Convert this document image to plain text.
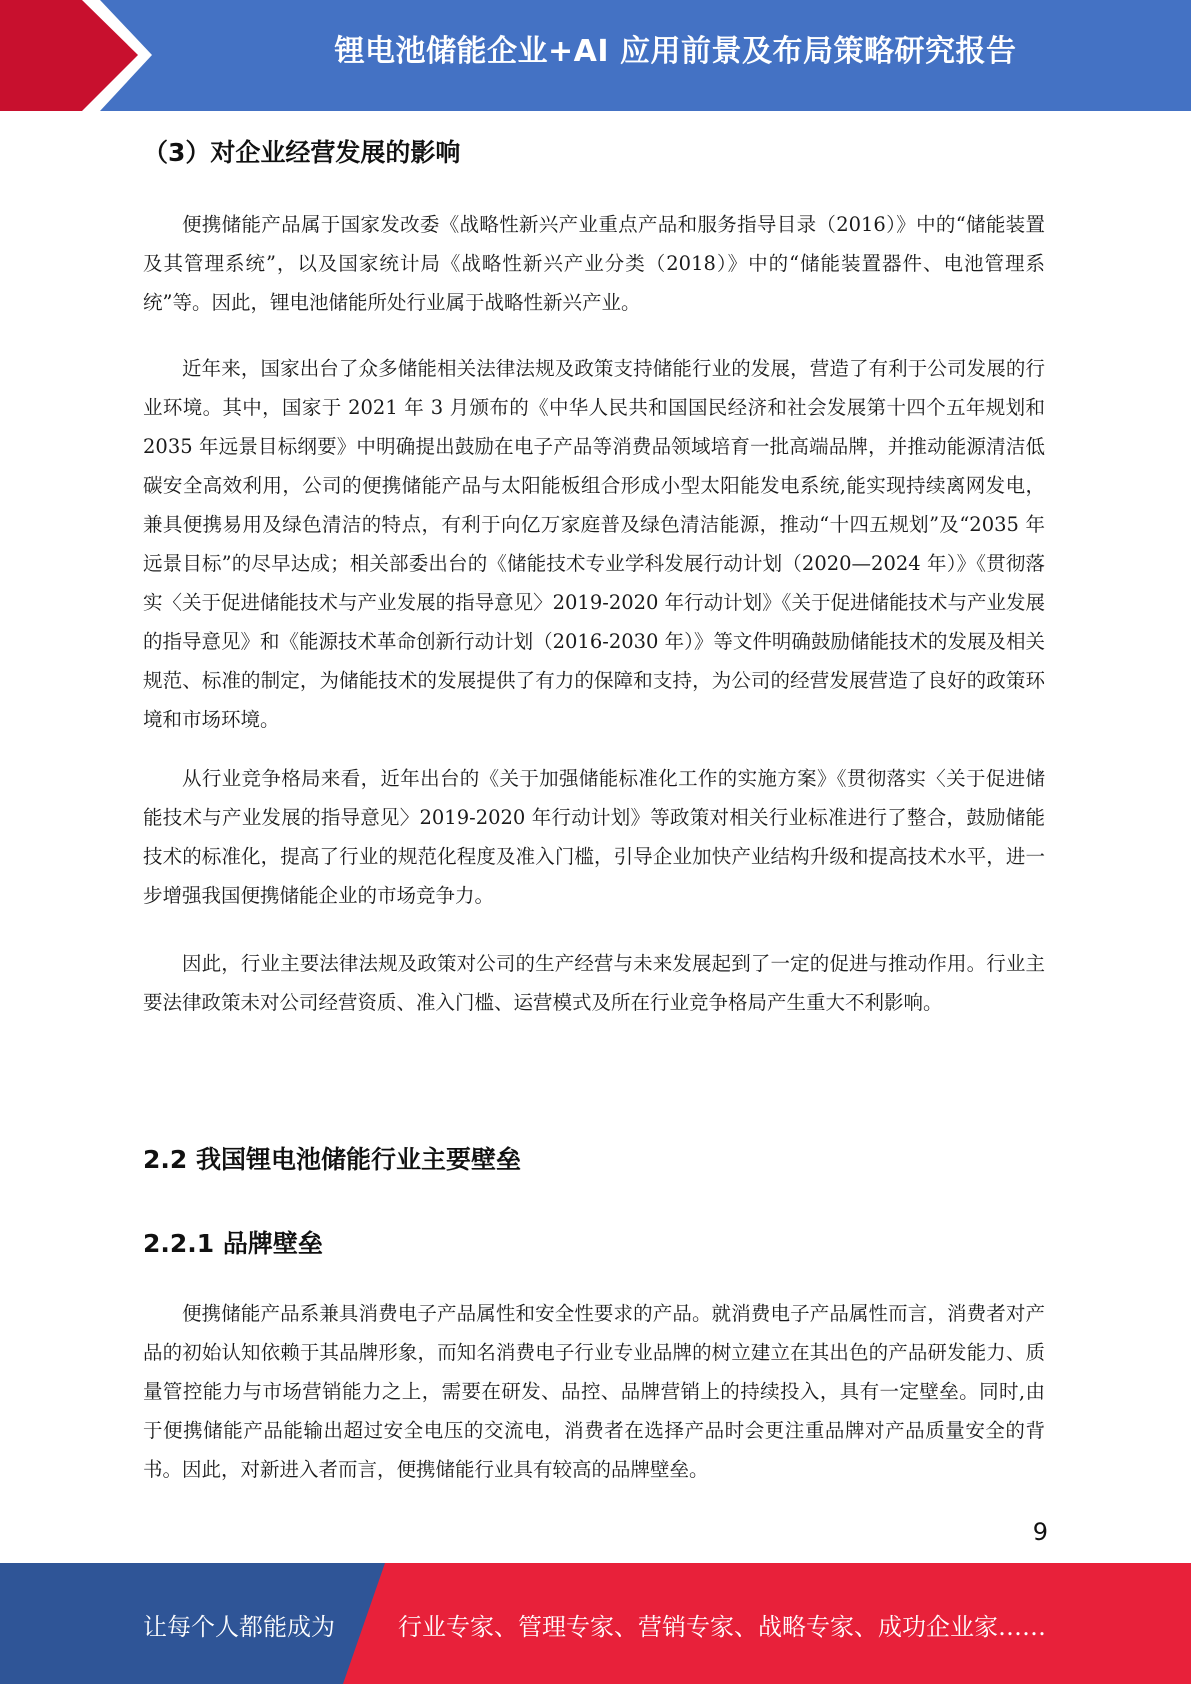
锂电池储能企业+AI 应用前景及布局策略研究报告
（3）对企业经营发展的影响

便携储能产品属于国家发改委《战略性新兴产业重点产品和服务指导目录（2016）》中的“储能装置及其管理系统”，以及国家统计局《战略性新兴产业分类（2018）》中的“储能装置器件、电池管理系统”等。因此，锂电池储能所处行业属于战略性新兴产业。

近年来，国家出台了众多储能相关法律法规及政策支持储能行业的发展，营造了有利于公司发展的行业环境。其中，国家于 2021 年 3 月颁布的《中华人民共和国国民经济和社会发展第十四个五年规划和 2035 年远景目标纲要》中明确提出鼓励在电子产品等消费品领域培育一批高端品牌，并推动能源清洁低碳安全高效利用，公司的便携储能产品与太阳能板组合形成小型太阳能发电系统,能实现持续离网发电，兼具便携易用及绿色清洁的特点，有利于向亿万家庭普及绿色清洁能源，推动“十四五规划”及“2035 年远景目标”的尽早达成；相关部委出台的《储能技术专业学科发展行动计划（2020—2024 年）》《贯彻落实〈关于促进储能技术与产业发展的指导意见〉2019-2020 年行动计划》《关于促进储能技术与产业发展的指导意见》和《能源技术革命创新行动计划（2016-2030 年）》等文件明确鼓励储能技术的发展及相关规范、标准的制定，为储能技术的发展提供了有力的保障和支持，为公司的经营发展营造了良好的政策环境和市场环境。

从行业竞争格局来看，近年出台的《关于加强储能标准化工作的实施方案》《贯彻落实〈关于促进储能技术与产业发展的指导意见〉2019-2020 年行动计划》等政策对相关行业标准进行了整合，鼓励储能技术的标准化，提高了行业的规范化程度及准入门槛，引导企业加快产业结构升级和提高技术水平，进一步增强我国便携储能企业的市场竞争力。

因此，行业主要法律法规及政策对公司的生产经营与未来发展起到了一定的促进与推动作用。行业主要法律政策未对公司经营资质、准入门槛、运营模式及所在行业竞争格局产生重大不利影响。

2.2 我国锂电池储能行业主要壁垒
2.2.1 品牌壁垒

便携储能产品系兼具消费电子产品属性和安全性要求的产品。就消费电子产品属性而言，消费者对产品的初始认知依赖于其品牌形象，而知名消费电子行业专业品牌的树立建立在其出色的产品研发能力、质量管控能力与市场营销能力之上，需要在研发、品控、品牌营销上的持续投入，具有一定壁垒。同时,由于便携储能产品能输出超过安全电压的交流电，消费者在选择产品时会更注重品牌对产品质量安全的背书。因此，对新进入者而言，便携储能行业具有较高的品牌壁垒。

9
让每个人都能成为	行业专家、管理专家、营销专家、战略专家、成功企业家……
